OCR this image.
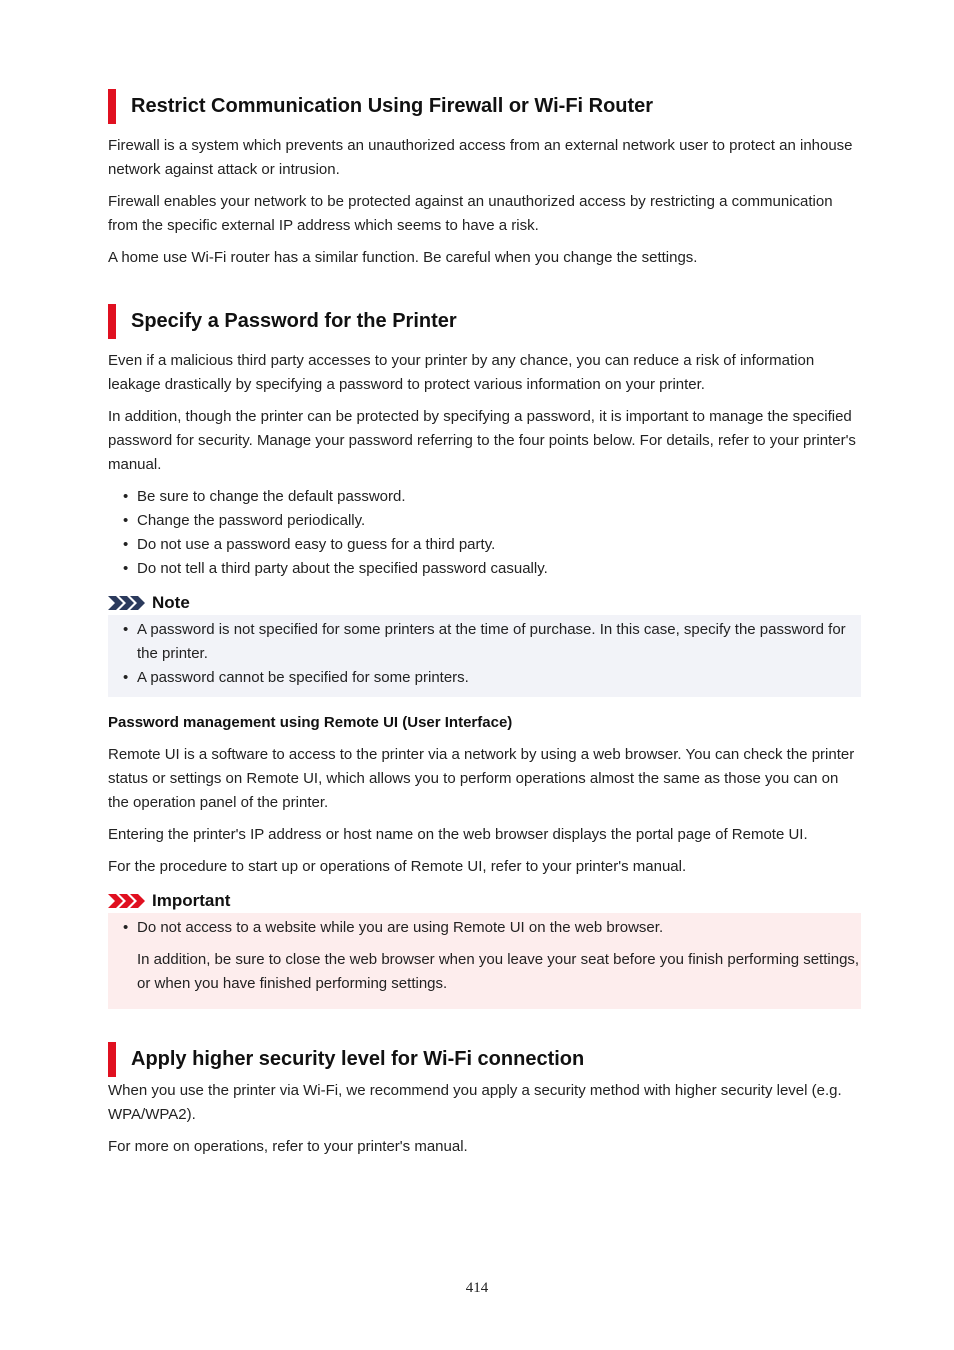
Restrict Communication Using Firewall or Wi-Fi Router

Firewall is a system which prevents an unauthorized access from an external network user to protect an inhouse network against attack or intrusion.

Firewall enables your network to be protected against an unauthorized access by restricting a communication from the specific external IP address which seems to have a risk.

A home use Wi-Fi router has a similar function. Be careful when you change the settings.

Specify a Password for the Printer

Even if a malicious third party accesses to your printer by any chance, you can reduce a risk of information leakage drastically by specifying a password to protect various information on your printer.

In addition, though the printer can be protected by specifying a password, it is important to manage the specified password for security. Manage your password referring to the four points below. For details, refer to your printer's manual.

• Be sure to change the default password.
• Change the password periodically.
• Do not use a password easy to guess for a third party.
• Do not tell a third party about the specified password casually.
Note
• A password is not specified for some printers at the time of purchase. In this case, specify the password for the printer.
• A password cannot be specified for some printers.
Password management using Remote UI (User Interface)

Remote UI is a software to access to the printer via a network by using a web browser. You can check the printer status or settings on Remote UI, which allows you to perform operations almost the same as those you can on the operation panel of the printer.

Entering the printer's IP address or host name on the web browser displays the portal page of Remote UI.

For the procedure to start up or operations of Remote UI, refer to your printer's manual.

Important
• Do not access to a website while you are using Remote UI on the web browser.

In addition, be sure to close the web browser when you leave your seat before you finish performing settings, or when you have finished performing settings.

Apply higher security level for Wi-Fi connection

When you use the printer via Wi-Fi, we recommend you apply a security method with higher security level (e.g. WPA/WPA2).

For more on operations, refer to your printer's manual.

414
